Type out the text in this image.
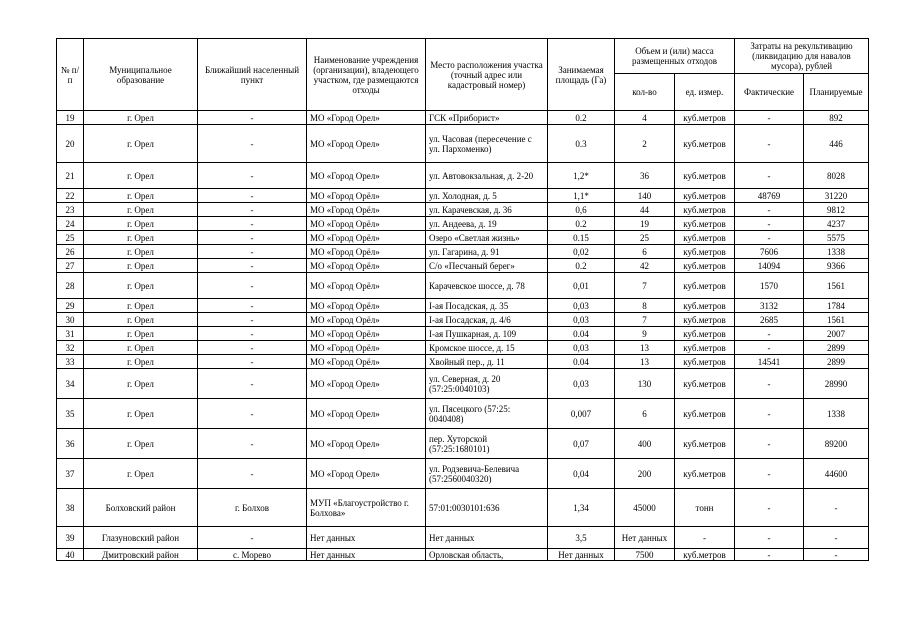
№ п/п	Муниципальное образование	Ближайший населенный пункт	Наименование учреждения (организации), владеющего участком, где размещаются отходы	Место расположения участка (точный адрес или кадастровый номер)	Занимаемая площадь (Га)	Объем и (или) масса размещенных отходов		Затраты на рекультивацию (ликвидацию для навалов мусора), рублей	
						кол-во	ед. измер.	Фактические	Планируемые
19	г. Орел	-	МО «Город Орел»	ГСК «Приборист»	0.2	4	куб.метров	-	892
20	г. Орел	-	МО «Город Орел»	ул. Часовая (пересечение с ул. Пархоменко)	0.3	2	куб.метров	-	446
21	г. Орел	-	МО «Город Орел»	ул. Автовокзальная, д. 2-20	1,2*	36	куб.метров	-	8028
22	г. Орел	-	МО «Город Орёл»	ул. Холодная, д. 5	1,1*	140	куб.метров	48769	31220
23	г. Орел	-	МО «Город Орёл»	ул. Карачевская, д. 36	0,6	44	куб.метров	-	9812
24	г. Орел	-	МО «Город Орёл»	ул. Андеева, д. 19	0.2	19	куб.метров	-	4237
25	г. Орел	-	МО «Город Орёл»	Озеро «Светлая жизнь»	0.15	25	куб.метров	-	5575
26	г. Орел	-	МО «Город Орёл»	ул. Гагарина, д. 91	0,02	6	куб.метров	7606	1338
27	г. Орел	-	МО «Город Орёл»	С/о «Песчаный берег»	0.2	42	куб.метров	14094	9366
28	г. Орел	-	МО «Город Орёл»	Карачевское шоссе, д. 78	0,01	7	куб.метров	1570	1561
29	г. Орел	-	МО «Город Орёл»	I-ая Посадская, д. 35	0,03	8	куб.метров	3132	1784
30	г. Орел	-	МО «Город Орёл»	I-ая Посадская, д. 4/6	0,03	7	куб.метров	2685	1561
31	г. Орел	-	МО «Город Орёл»	I-ая Пушкарная, д. 109	0.04	9	куб.метров	-	2007
32	г. Орел	-	МО «Город Орёл»	Кромское шоссе, д. 15	0,03	13	куб.метров	-	2899
33	г. Орел	-	МО «Город Орёл»	Хвойный пер., д. 11	0.04	13	куб.метров	14541	2899
34	г. Орел	-	МО «Город Орел»	ул. Северная, д. 20 (57:25:0040103)	0,03	130	куб.метров	-	28990
35	г. Орел	-	МО «Город Орел»	ул. Пясецкого (57:25: 0040408)	0,007	6	куб.метров	-	1338
36	г. Орел	-	МО «Город Орел»	пер. Хуторской (57:25:1680101)	0,07	400	куб.метров	-	89200
37	г. Орел	-	МО «Город Орел»	ул. Родзевича-Белевича (57:2560040320)	0,04	200	куб.метров	-	44600
38	Болховский район	г. Болхов	МУП «Благоустройство г. Болхова»	57:01:0030101:636	1,34	45000	тонн	-	-
39	Глазуновский район	-	Нет данных	Нет данных	3,5	Нет данных	-	-	-
40	Дмитровский район	с. Морево	Нет данных	Орловская область,	Нет данных	7500	куб.метров	-	-
